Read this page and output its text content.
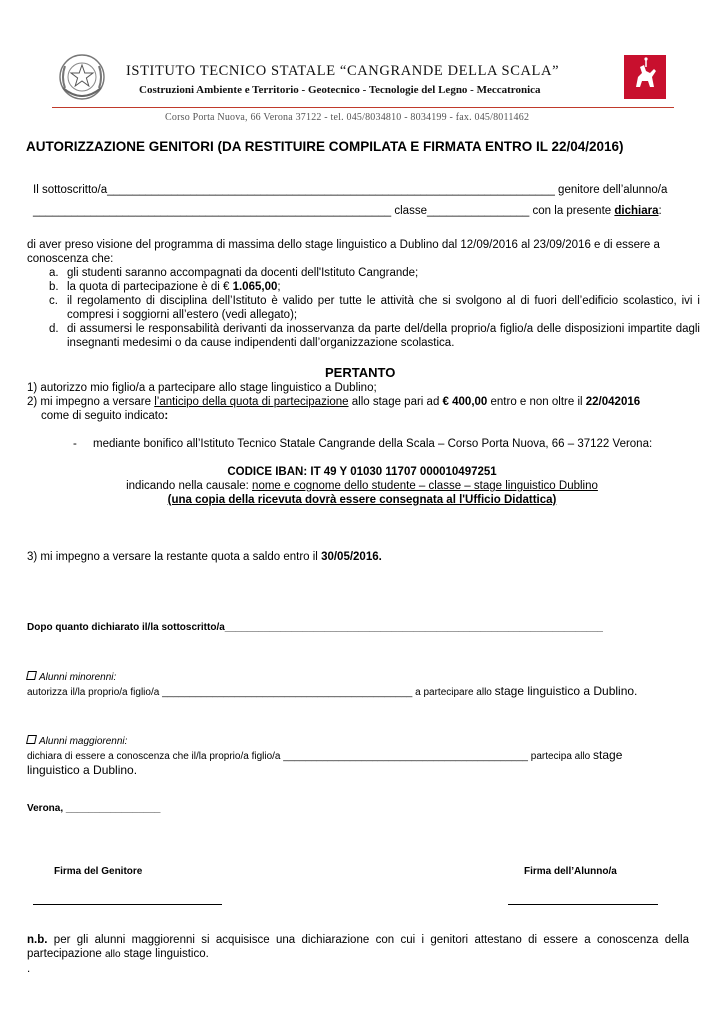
ISTITUTO TECNICO STATALE “CANGRANDE DELLA SCALA”
Costruzioni Ambiente e Territorio - Geotecnico - Tecnologie del Legno - Meccatronica
Corso Porta Nuova, 66 Verona 37122 - tel. 045/8034810 - 8034199 - fax. 045/8011462
AUTORIZZAZIONE GENITORI (DA RESTITUIRE COMPILATA E FIRMATA ENTRO IL 22/04/2016)
Il sottoscritto/a______________________________________________________________________ genitore dell’alunno/a
________________________________________________________ classe________________ con la presente dichiara:
di aver preso visione del programma di massima dello stage linguistico a Dublino dal 12/09/2016 al 23/09/2016 e di essere a conoscenza che:
a. gli studenti saranno accompagnati da docenti dell'Istituto Cangrande;
b. la quota di partecipazione è di € 1.065,00;
c. il regolamento di disciplina dell’Istituto è valido per tutte le attività che si svolgono al di fuori dell’edificio scolastico, ivi i compresi i soggiorni all’estero (vedi allegato);
d. di assumersi le responsabilità derivanti da inosservanza da parte del/della proprio/a figlio/a delle disposizioni impartite dagli insegnanti medesimi o da cause indipendenti dall’organizzazione scolastica.
PERTANTO
1) autorizzo mio figlio/a a partecipare allo stage linguistico a Dublino;
2) mi impegno a versare l’anticipo della quota di partecipazione allo stage pari ad € 400,00 entro e non oltre il 22/042016
come di seguito indicato:
- mediante bonifico all’Istituto Tecnico Statale Cangrande della Scala – Corso Porta Nuova, 66 – 37122 Verona:
CODICE IBAN: IT 49 Y 01030 11707 000010497251
indicando nella causale: nome e cognome dello studente – classe – stage linguistico Dublino
(una copia della ricevuta dovrà essere consegnata al l'Ufficio Didattica)
3) mi impegno a versare la restante quota a saldo entro il 30/05/2016.
Dopo quanto dichiarato il/la sottoscritto/a____________________________________________________________________
Alunni minorenni:
autorizza il/la proprio/a figlio/a _____________________________________________ a partecipare allo stage linguistico a Dublino.
Alunni maggiorenni:
dichiara di essere a conoscenza che il/la proprio/a figlio/a ____________________________________________ partecipa allo stage
linguistico a Dublino.
Verona, _________________
Firma del Genitore	Firma dell’Alunno/a
n.b. per gli alunni maggiorenni si acquisisce una dichiarazione con cui i genitori attestano di essere a conoscenza della partecipazione allo stage linguistico.
.
